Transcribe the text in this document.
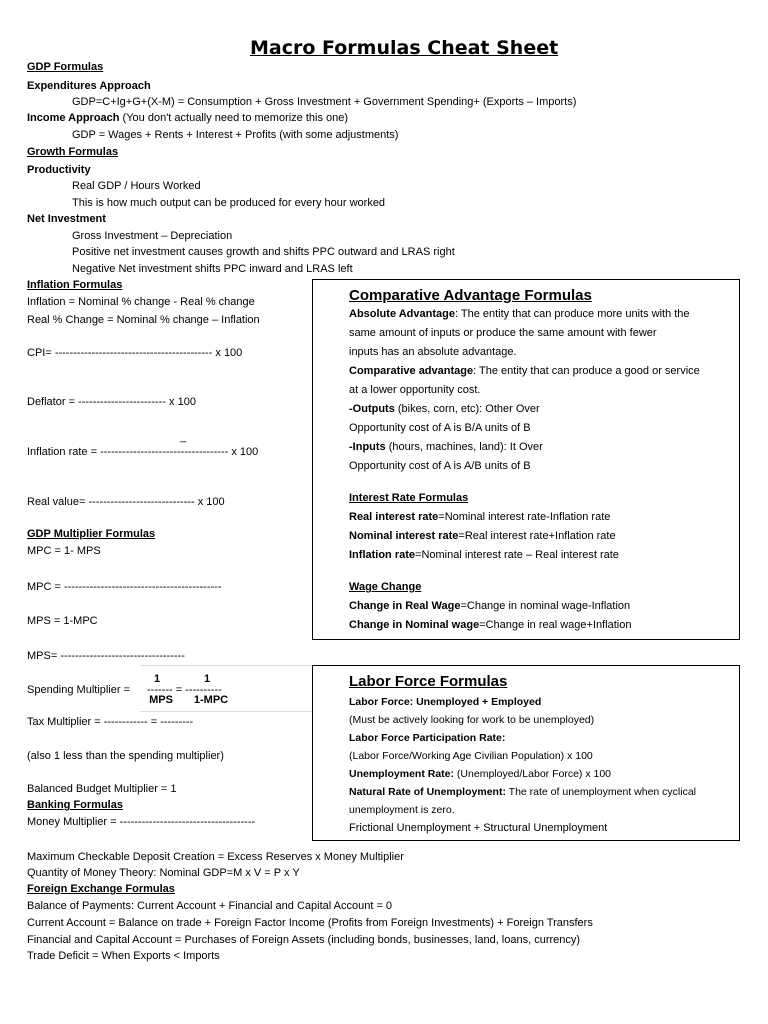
Macro Formulas Cheat Sheet
GDP Formulas
Expenditures Approach
GDP=C+Ig+G+(X-M) = Consumption + Gross Investment + Government Spending+ (Exports – Imports)
Income Approach (You don't actually need to memorize this one)
GDP = Wages + Rents + Interest + Profits (with some adjustments)
Growth Formulas
Productivity
Real GDP / Hours Worked
This is how much output can be produced for every hour worked
Net Investment
Gross Investment – Depreciation
Positive net investment causes growth and shifts PPC outward and LRAS right
Negative Net investment shifts PPC inward and LRAS left
Inflation Formulas
Inflation = Nominal % change - Real % change
Real % Change = Nominal % change – Inflation
CPI= ------------------------------------------- x 100
Deflator = ------------------------ x 100
_
Inflation rate = ----------------------------------- x 100
Real value= ----------------------------- x 100
GDP Multiplier Formulas
MPC = 1- MPS
MPC = -------------------------------------------
MPS = 1-MPC
MPS= ----------------------------------
Spending Multiplier = ------- = ----------
1
MPS
1
1-MPC
Tax Multiplier = ------------ = ---------
(also 1 less than the spending multiplier)
Balanced Budget Multiplier = 1
Banking Formulas
Money Multiplier = -------------------------------------
Maximum Checkable Deposit Creation = Excess Reserves x Money Multiplier
Quantity of Money Theory: Nominal GDP=M x V = P x Y
Foreign Exchange Formulas
Balance of Payments: Current Account + Financial and Capital Account = 0
Current Account = Balance on trade + Foreign Factor Income (Profits from Foreign Investments) + Foreign Transfers
Financial and Capital Account = Purchases of Foreign Assets (including bonds, businesses, land, loans, currency)
Trade Deficit = When Exports < Imports
Comparative Advantage Formulas
Absolute Advantage: The entity that can produce more units with the
same amount of inputs or produce the same amount with fewer
inputs has an absolute advantage.
Comparative advantage: The entity that can produce a good or service
at a lower opportunity cost.
-Outputs (bikes, corn, etc): Other Over
Opportunity cost of A is B/A units of B
-Inputs (hours, machines, land): It Over
Opportunity cost of A is A/B units of B
Interest Rate Formulas
Real interest rate=Nominal interest rate-Inflation rate
Nominal interest rate=Real interest rate+Inflation rate
Inflation rate=Nominal interest rate – Real interest rate
Wage Change
Change in Real Wage=Change in nominal wage-Inflation
Change in Nominal wage=Change in real wage+Inflation
Labor Force Formulas
Labor Force: Unemployed + Employed
(Must be actively looking for work to be unemployed)
Labor Force Participation Rate:
(Labor Force/Working Age Civilian Population) x 100
Unemployment Rate: (Unemployed/Labor Force) x 100
Natural Rate of Unemployment: The rate of unemployment when cyclical
unemployment is zero.
Frictional Unemployment + Structural Unemployment
